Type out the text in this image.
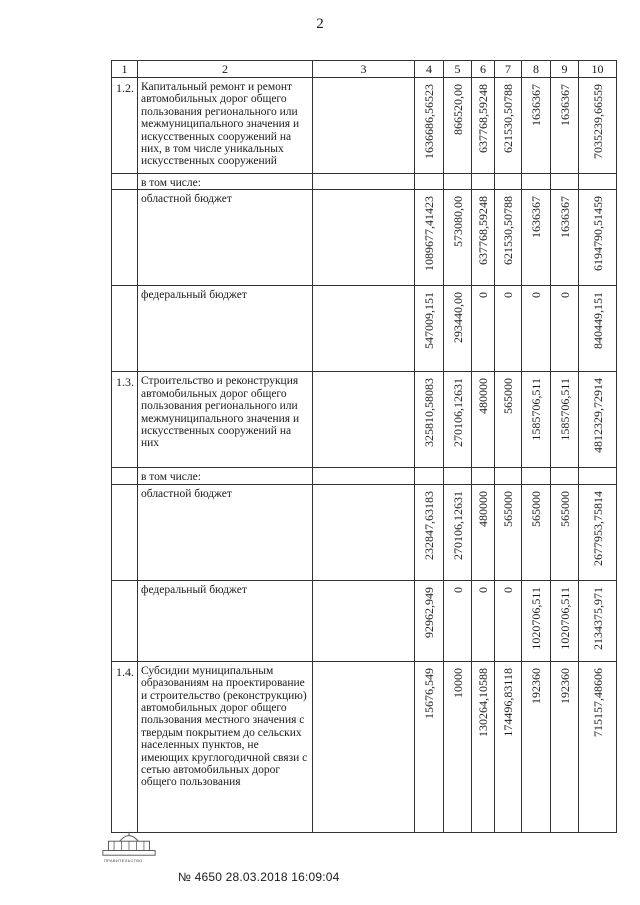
2
1	2	3	4	5	6	7	8	9	10
1.2.	Капитальный ремонт и ремонт автомобильных дорог общего пользования регионального или межмуниципального значения и искусственных сооружений на них, в том числе уникальных искусственных сооружений		1636686,56523	866520,00	637768,59248	621530,50788	1636367	1636367	7035239,66559

	в том числе:		

	областной бюджет		1089677,41423	573080,00	637768,59248	621530,50788	1636367	1636367	6194790,51459

	федеральный бюджет		547009,151	293440,00	0	0	0	0	840449,151

1.3.	Строительство и реконструкция автомобильных дорог общего пользования регионального или межмуниципального значения и искусственных сооружений на них		325810,58083	270106,12631	480000	565000	1585706,511	1585706,511	4812329,72914

	в том числе:		

	областной бюджет		232847,63183	270106,12631	480000	565000	565000	565000	2677953,75814

	федеральный бюджет		92962,949	0	0	0	1020706,511	1020706,511	2134375,971

1.4.	Субсидии муниципальным образованиям на проектирование и строительство (реконструкцию) автомобильных дорог общего пользования местного значения с твердым покрытием до сельских населенных пунктов, не имеющих круглогодичной связи с сетью автомобильных дорог общего пользования		15676,549	10000	130264,10588	174496,83118	192360	192360	715157,48606
ПРАВИТЕЛЬСТВО
№ 4650 28.03.2018 16:09:04
